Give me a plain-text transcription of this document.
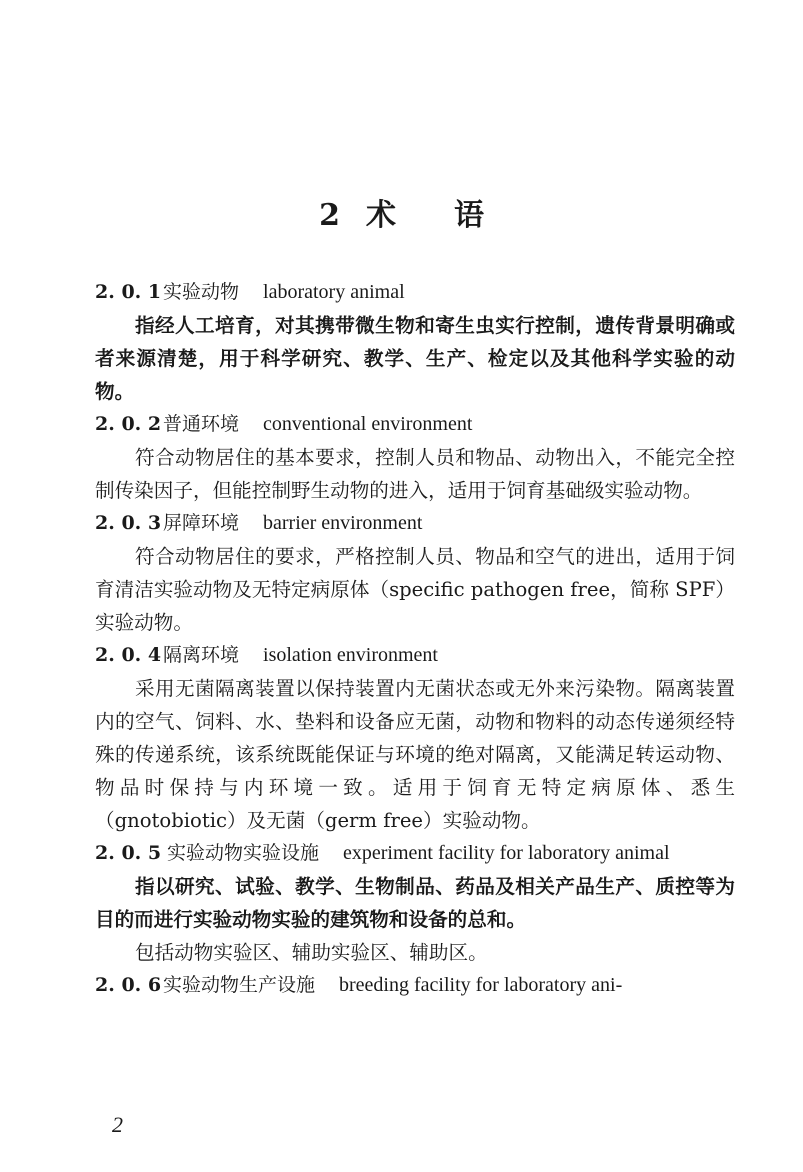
2 术 语
2. 0. 1实验动物 laboratory animal

指经人工培育，对其携带微生物和寄生虫实行控制，遗传背景明确或者来源清楚，用于科学研究、教学、生产、检定以及其他科学实验的动物。

2. 0. 2普通环境 conventional environment

符合动物居住的基本要求，控制人员和物品、动物出入，不能完全控制传染因子，但能控制野生动物的进入，适用于饲育基础级实验动物。

2. 0. 3屏障环境 barrier environment

符合动物居住的要求，严格控制人员、物品和空气的进出，适用于饲育清洁实验动物及无特定病原体（specific pathogen free，简称 SPF）实验动物。

2. 0. 4隔离环境 isolation environment

采用无菌隔离装置以保持装置内无菌状态或无外来污染物。隔离装置内的空气、饲料、水、垫料和设备应无菌，动物和物料的动态传递须经特殊的传递系统，该系统既能保证与环境的绝对隔离，又能满足转运动物、物品时保持与内环境一致。适用于饲育无特定病原体、悉生（gnotobiotic）及无菌（germ free）实验动物。

2. 0. 5 实验动物实验设施 experiment facility for laboratory animal

指以研究、试验、教学、生物制品、药品及相关产品生产、质控等为目的而进行实验动物实验的建筑物和设备的总和。

包括动物实验区、辅助实验区、辅助区。

2. 0. 6实验动物生产设施 breeding facility for laboratory ani-
2
